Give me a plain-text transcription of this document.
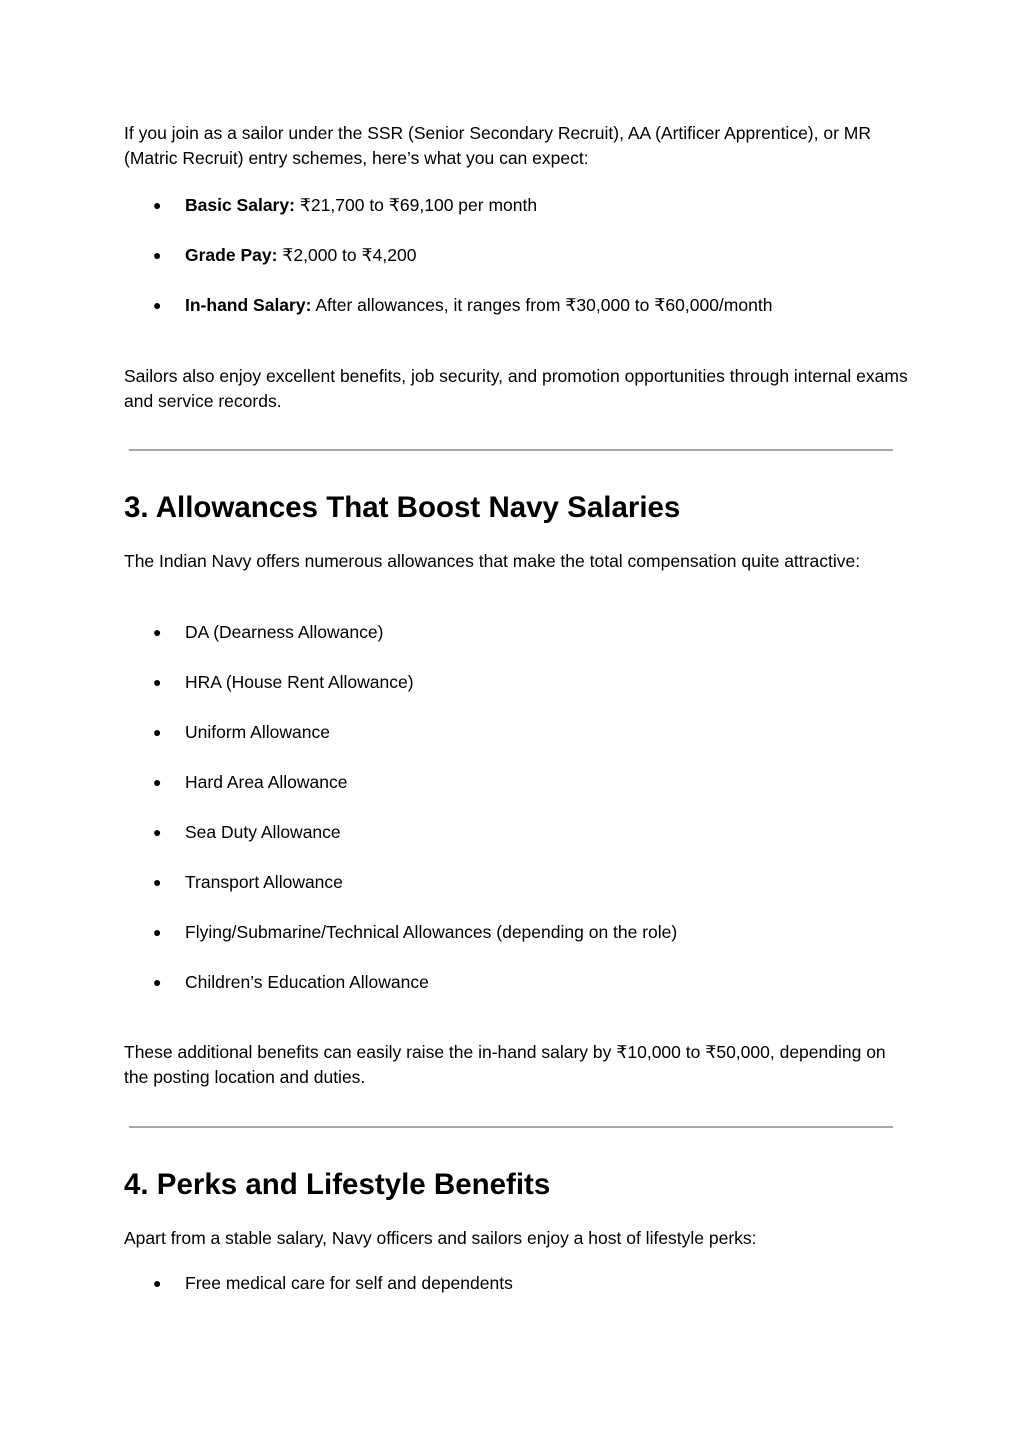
If you join as a sailor under the SSR (Senior Secondary Recruit), AA (Artificer Apprentice), or MR (Matric Recruit) entry schemes, here’s what you can expect:

● Basic Salary: ₹21,700 to ₹69,100 per month
● Grade Pay: ₹2,000 to ₹4,200
● In-hand Salary: After allowances, it ranges from ₹30,000 to ₹60,000/month

Sailors also enjoy excellent benefits, job security, and promotion opportunities through internal exams and service records.

3. Allowances That Boost Navy Salaries

The Indian Navy offers numerous allowances that make the total compensation quite attractive:

● DA (Dearness Allowance)
● HRA (House Rent Allowance)
● Uniform Allowance
● Hard Area Allowance
● Sea Duty Allowance
● Transport Allowance
● Flying/Submarine/Technical Allowances (depending on the role)
● Children’s Education Allowance

These additional benefits can easily raise the in-hand salary by ₹10,000 to ₹50,000, depending on the posting location and duties.

4. Perks and Lifestyle Benefits

Apart from a stable salary, Navy officers and sailors enjoy a host of lifestyle perks:

● Free medical care for self and dependents
